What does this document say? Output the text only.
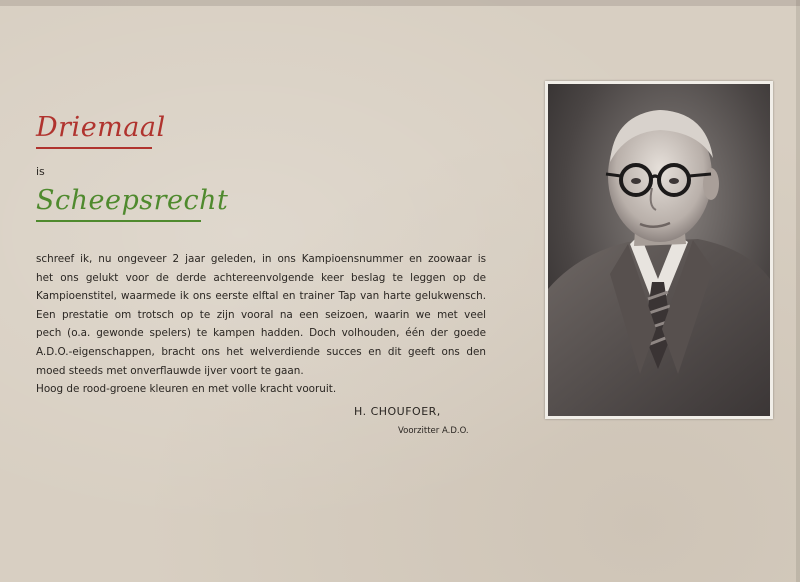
Driemaal
is
Scheepsrecht
schreef ik, nu ongeveer 2 jaar geleden, in ons Kampioensnummer en zoowaar is
het ons gelukt voor de derde achtereenvolgende keer beslag te leggen op de
Kampioenstitel, waarmede ik ons eerste elftal en trainer Tap van harte gelukwensch.
Een prestatie om trotsch op te zijn vooral na een seizoen, waarin we met veel
pech (o.a. gewonde spelers) te kampen hadden. Doch volhouden, één der goede
A.D.O.-eigenschappen, bracht ons het welverdiende succes en dit geeft ons den
moed steeds met onverflauwde ijver voort te gaan.
Hoog de rood-groene kleuren en met volle kracht vooruit.
H. CHOUFOER,
Voorzitter A.D.O.
